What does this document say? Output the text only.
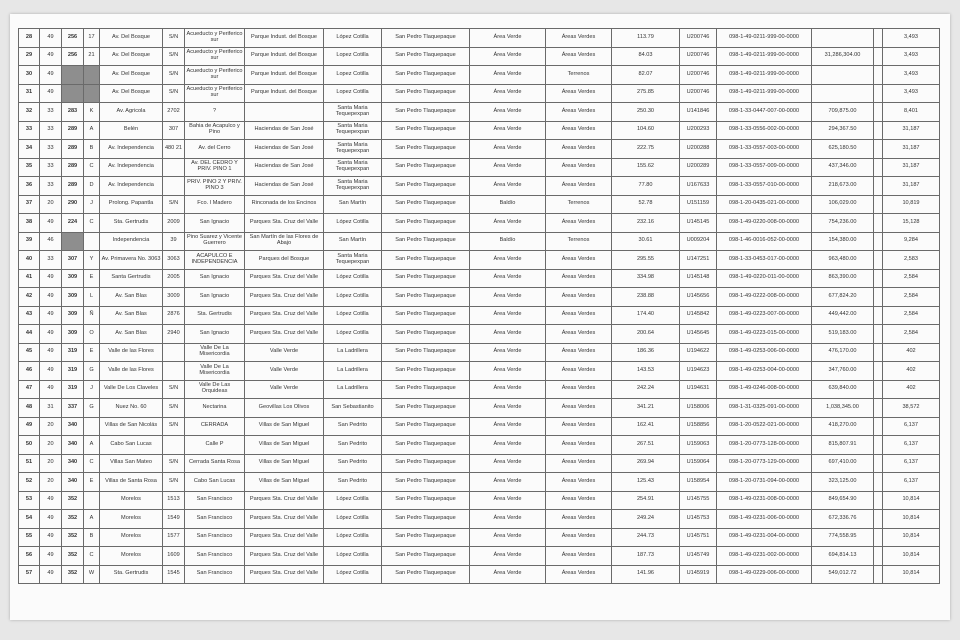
28	49	256	17	Av. Del Bosque	S/N	Acueducto y Periferico sur	Parque Indust. del Bosque	López Cotilla	San Pedro Tlaquepaque	Área Verde	Áreas Verdes	113.79	U200746	098-1-49-0211-999-00-0000			3,493
29	49	256	21	Av. Del Bosque	S/N	Acueducto y Periferico sur	Parque Indust. del Bosque	Lopez Cotilla	San Pedro Tlaquepaque	Área Verde	Áreas Verdes	84.03	U200746	098-1-49-0211-999-00-0000	31,286,304.00		3,493
30	49			Av. Del Bosque	S/N	Acueducto y Periferico sur	Parque Indust. del Bosque	Lopez Cotilla	San Pedro Tlaquepaque	Área Verde	Terrenos	82.07	U200746	098-1-49-0211-999-00-0000			3,493
31	49			Av. Del Bosque	S/N	Acueducto y Periferico sur	Parque Indust. del Bosque	Lopez Cotilla	San Pedro Tlaquepaque	Área Verde	Áreas Verdes	275.85	U200746	098-1-49-0211-999-00-0000			3,493
32	33	283	K	Av. Agricola	2702	?		Santa Maria Tequepexpan	San Pedro Tlaquepaque	Área Verde	Áreas Verdes	250.30	U141846	098-1-33-0447-007-00-0000	709,875.00		8,401
33	33	289	A	Belén	307	Bahia de Acapulco y Pino	Haciendas de San José	Santa Maria Tequepexpan	San Pedro Tlaquepaque	Área Verde	Áreas Verdes	104.60	U200293	098-1-33-0556-002-00-0000	294,367.50		31,187
34	33	289	B	Av. Independencia	480 21	Av. del Cerro	Haciendas de San José	Santa Maria Tequepexpan	San Pedro Tlaquepaque	Área Verde	Áreas Verdes	222.75	U200288	098-1-33-0557-003-00-0000	625,180.50		31,187
35	33	289	C	Av. Independencia		Av. DEL CEDRO Y PRIV. PINO 1	Haciendas de San José	Santa Maria Tequepexpan	San Pedro Tlaquepaque	Área Verde	Áreas Verdes	155.62	U200289	098-1-33-0557-009-00-0000	437,346.00		31,187
36	33	289	D	Av. Independencia		PRIV. PINO 2 Y PRIV. PINO 3	Haciendas de San José	Santa Maria Tequepexpan	San Pedro Tlaquepaque	Área Verde	Áreas Verdes	77.80	U167633	098-1-33-0557-010-00-0000	218,673.00		31,187
37	20	290	J	Prolong. Papantla	S/N	Fco. I Madero	Rinconada de los Encinos	San Martín	San Pedro Tlaquepaque	Baldío	Terrenos	52.78	U151159	098-1-20-0435-021-00-0000	106,029.00		10,819
38	49	224	C	Sta. Gertrudis	2009	San Ignacio	Parques Sta. Cruz del Valle	López Cotilla	San Pedro Tlaquepaque	Área Verde	Áreas Verdes	232.16	U145145	098-1-49-0220-008-00-0000	754,236.00		15,128
39	46			Independencia	39	Pino Suarez y Vicente Guerrero	San Martín de las Flores de Abajo	San Martín	San Pedro Tlaquepaque	Baldío	Terrenos	30.61	U009204	098-1-46-0016-052-00-0000	154,380.00		9,284
40	33	307	Y	Av. Primavera No. 3063	3063	ACAPULCO E INDEPENDENCIA	Parques del Bosque	Santa Maria Tequepexpan	San Pedro Tlaquepaque	Área Verde	Áreas Verdes	295.55	U147251	098-1-33-0453-017-00-0000	963,480.00		2,583
41	49	309	E	Santa Gertrudis	2005	San Ignacio	Parques Sta. Cruz del Valle	López Cotilla	San Pedro Tlaquepaque	Área Verde	Áreas Verdes	334.98	U145148	098-1-49-0220-011-00-0000	863,390.00		2,584
42	49	309	L	Av. San Blas	3009	San Ignacio	Parques Sta. Cruz del Valle	López Cotilla	San Pedro Tlaquepaque	Área Verde	Áreas Verdes	238.88	U145656	098-1-49-0222-008-00-0000	677,824.20		2,584
43	49	309	Ñ	Av. San Blas	2876	Sta. Gertrudis	Parques Sta. Cruz del Valle	López Cotilla	San Pedro Tlaquepaque	Área Verde	Áreas Verdes	174.40	U145842	098-1-49-0223-007-00-0000	449,442.00		2,584
44	49	309	O	Av. San Blas	2940	San Ignacio	Parques Sta. Cruz del Valle	López Cotilla	San Pedro Tlaquepaque	Área Verde	Áreas Verdes	200.64	U145645	098-1-49-0223-015-00-0000	519,183.00		2,584
45	49	319	E	Valle de las Flores		Valle De La Misericordia	Valle Verde	La Ladrillera	San Pedro Tlaquepaque	Área Verde	Áreas Verdes	186.36	U194622	098-1-49-0253-006-00-0000	476,170.00		402
46	49	319	G	Valle de las Flores		Valle De La Misericordia	Valle Verde	La Ladrillera	San Pedro Tlaquepaque	Área Verde	Áreas Verdes	143.53	U194623	098-1-49-0253-004-00-0000	347,760.00		402
47	49	319	J	Valle De Los Claveles	S/N	Valle De Las Orquideas	Valle Verde	La Ladrillera	San Pedro Tlaquepaque	Área Verde	Áreas Verdes	242.24	U194631	098-1-49-0246-008-00-0000	639,840.00		402
48	31	337	G	Nuez No. 60	S/N	Nectarina	Geovillas Los Olivos	San Sebastianito	San Pedro Tlaquepaque	Área Verde	Áreas Verdes	341.21	U158006	098-1-31-0325-091-00-0000	1,038,345.00		38,572
49	20	340		Villas de San Nicolás	S/N	CERRADA	Villas de San Miguel	San Pedrito	San Pedro Tlaquepaque	Área Verde	Áreas Verdes	162.41	U158856	098-1-20-0522-021-00-0000	418,270.00		6,137
50	20	340	A	Cabo San Lucas		Calle P	Villas de San Miguel	San Pedrito	San Pedro Tlaquepaque	Área Verde	Áreas Verdes	267.51	U159063	098-1-20-0773-128-00-0000	815,807.91		6,137
51	20	340	C	Villas San Mateo	S/N	Cerrada Santa Rosa	Villas de San Miguel	San Pedrito	San Pedro Tlaquepaque	Área Verde	Áreas Verdes	269.94	U159064	098-1-20-0773-129-00-0000	697,410.00		6,137
52	20	340	E	Villas de Santa Rosa	S/N	Cabo San Lucas	Villas de San Miguel	San Pedrito	San Pedro Tlaquepaque	Área Verde	Áreas Verdes	125.43	U158954	098-1-20-0731-094-00-0000	323,125.00		6,137
53	49	352		Morelos	1513	San Francisco	Parques Sta. Cruz del Valle	López Cotilla	San Pedro Tlaquepaque	Área Verde	Áreas Verdes	254.91	U145755	098-1-49-0231-008-00-0000	849,654.90		10,814
54	49	352	A	Morelos	1549	San Francisco	Parques Sta. Cruz del Valle	López Cotilla	San Pedro Tlaquepaque	Área Verde	Áreas Verdes	249.24	U145753	098-1-49-0231-006-00-0000	672,336.76		10,814
55	49	352	B	Morelos	1577	San Francisco	Parques Sta. Cruz del Valle	López Cotilla	San Pedro Tlaquepaque	Área Verde	Áreas Verdes	244.73	U145751	098-1-49-0231-004-00-0000	774,558.95		10,814
56	49	352	C	Morelos	1609	San Francisco	Parques Sta. Cruz del Valle	López Cotilla	San Pedro Tlaquepaque	Área Verde	Áreas Verdes	187.73	U145749	098-1-49-0231-002-00-0000	694,814.13		10,814
57	49	352	W	Sta. Gertrudis	1545	San Francisco	Parques Sta. Cruz del Valle	López Cotilla	San Pedro Tlaquepaque	Área Verde	Áreas Verdes	141.96	U145919	098-1-49-0229-006-00-0000	549,012.72		10,814
